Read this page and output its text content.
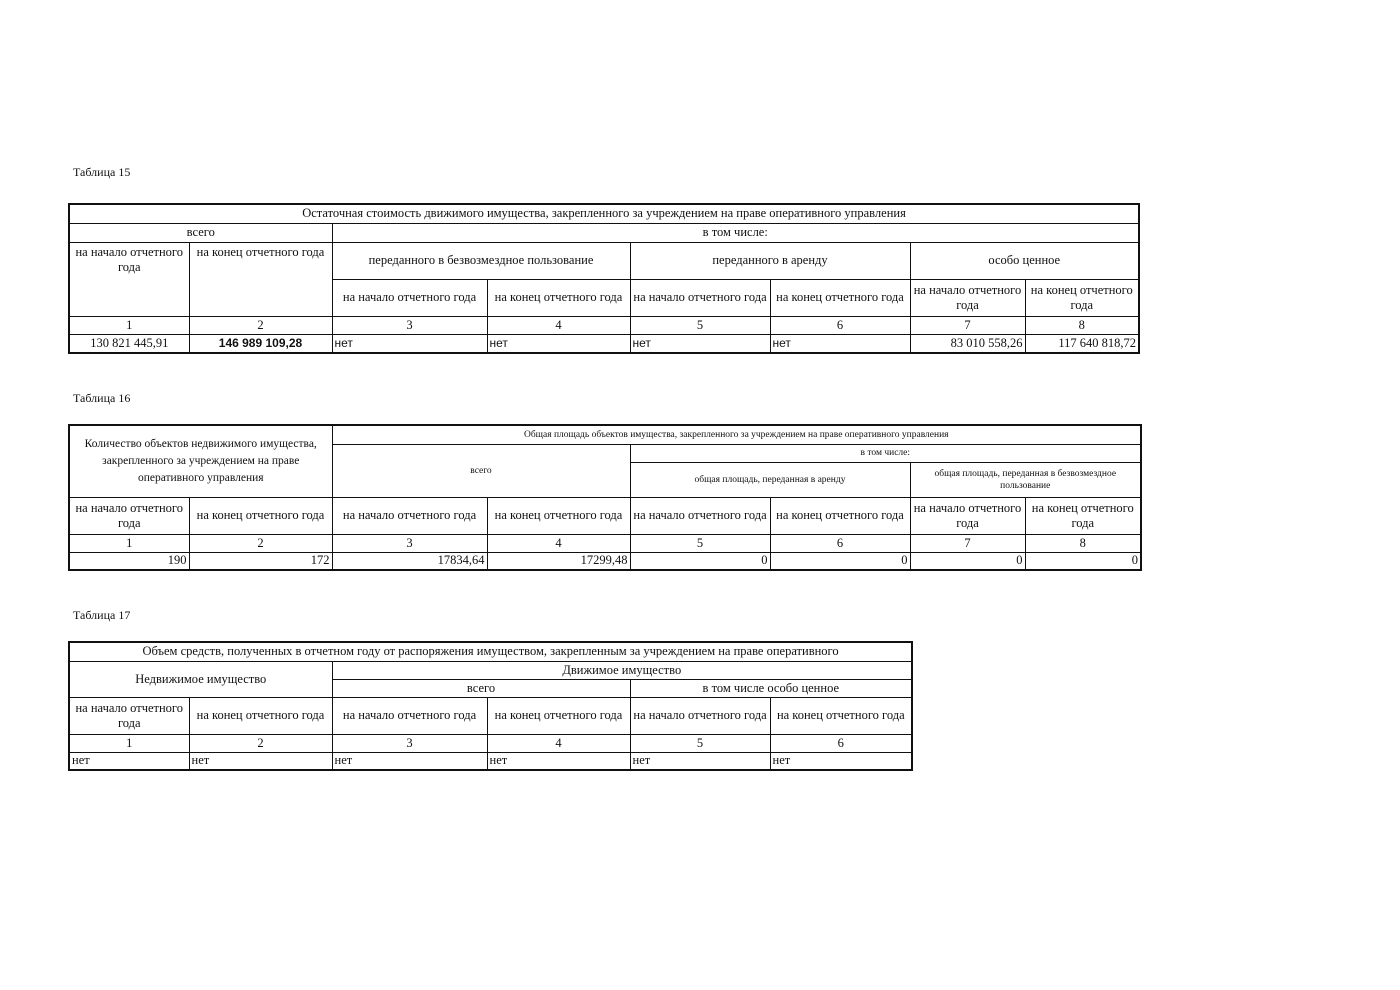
Таблица 15
Остаточная стоимость движимого имущества, закрепленного за учреждением на праве оперативного управления							
всего		в том числе:					
на начало отчетного года	на конец отчетного года	переданного в безвозмездное пользование		переданного в аренду		особо ценное	
		на начало отчетного года	на конец отчетного года	на начало отчетного года	на конец отчетного года	на начало отчетного года	на конец отчетного года
1	2	3	4	5	6	7	8
130 821 445,91	146 989 109,28	нет	нет	нет	нет	83 010 558,26	117 640 818,72
Таблица 16
Количество объектов недвижимого имущества, закрепленного за учреждением на праве оперативного управления		Общая площадь объектов имущества, закрепленного за учреждением на праве оперативного управления					
		всего		в том числе:			
				общая площадь, переданная в аренду		общая площадь, переданная в безвозмездное пользование	
на начало отчетного года	на конец отчетного года	на начало отчетного года	на конец отчетного года	на начало отчетного года	на конец отчетного года	на начало отчетного года	на конец отчетного года
1	2	3	4	5	6	7	8
190	172	17834,64	17299,48	0	0	0	0
Таблица 17
Объем средств, полученных в отчетном году от распоряжения имуществом, закрепленным за учреждением на праве оперативного					
Недвижимое имущество		Движимое имущество			
		всего		в том числе особо ценное	
на начало отчетного года	на конец отчетного года	на начало отчетного года	на конец отчетного года	на начало отчетного года	на конец отчетного года
1	2	3	4	5	6
нет	нет	нет	нет	нет	нет
